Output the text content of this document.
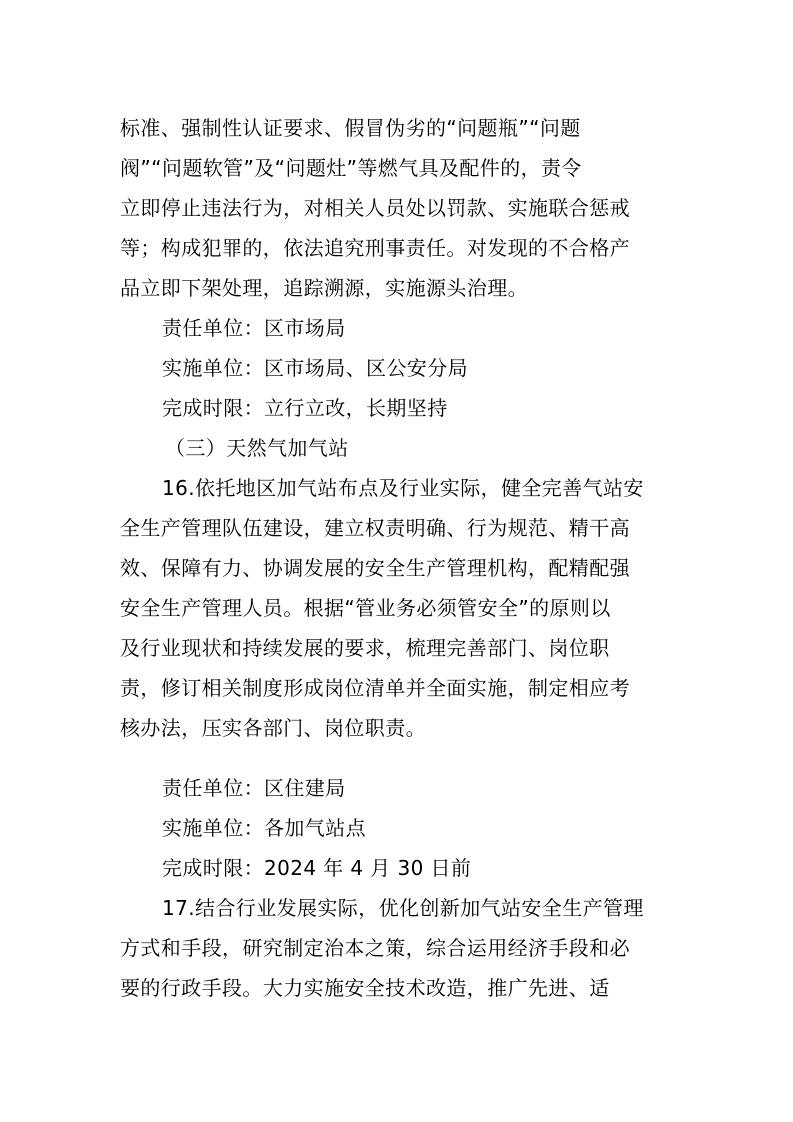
标准、强制性认证要求、假冒伪劣的“问题瓶”“问题
阀”“问题软管”及“问题灶”等燃气具及配件的，责令
立即停止违法行为，对相关人员处以罚款、实施联合惩戒
等；构成犯罪的，依法追究刑事责任。对发现的不合格产
品立即下架处理，追踪溯源，实施源头治理。
责任单位：区市场局
实施单位：区市场局、区公安分局
完成时限：立行立改，长期坚持
（三）天然气加气站
16.依托地区加气站布点及行业实际，健全完善气站安
全生产管理队伍建设，建立权责明确、行为规范、精干高
效、保障有力、协调发展的安全生产管理机构，配精配强
安全生产管理人员。根据“管业务必须管安全”的原则以
及行业现状和持续发展的要求，梳理完善部门、岗位职
责，修订相关制度形成岗位清单并全面实施，制定相应考
核办法，压实各部门、岗位职责。
责任单位：区住建局
实施单位：各加气站点
完成时限：2024 年 4 月 30 日前
17.结合行业发展实际，优化创新加气站安全生产管理
方式和手段，研究制定治本之策，综合运用经济手段和必
要的行政手段。大力实施安全技术改造，推广先进、适
